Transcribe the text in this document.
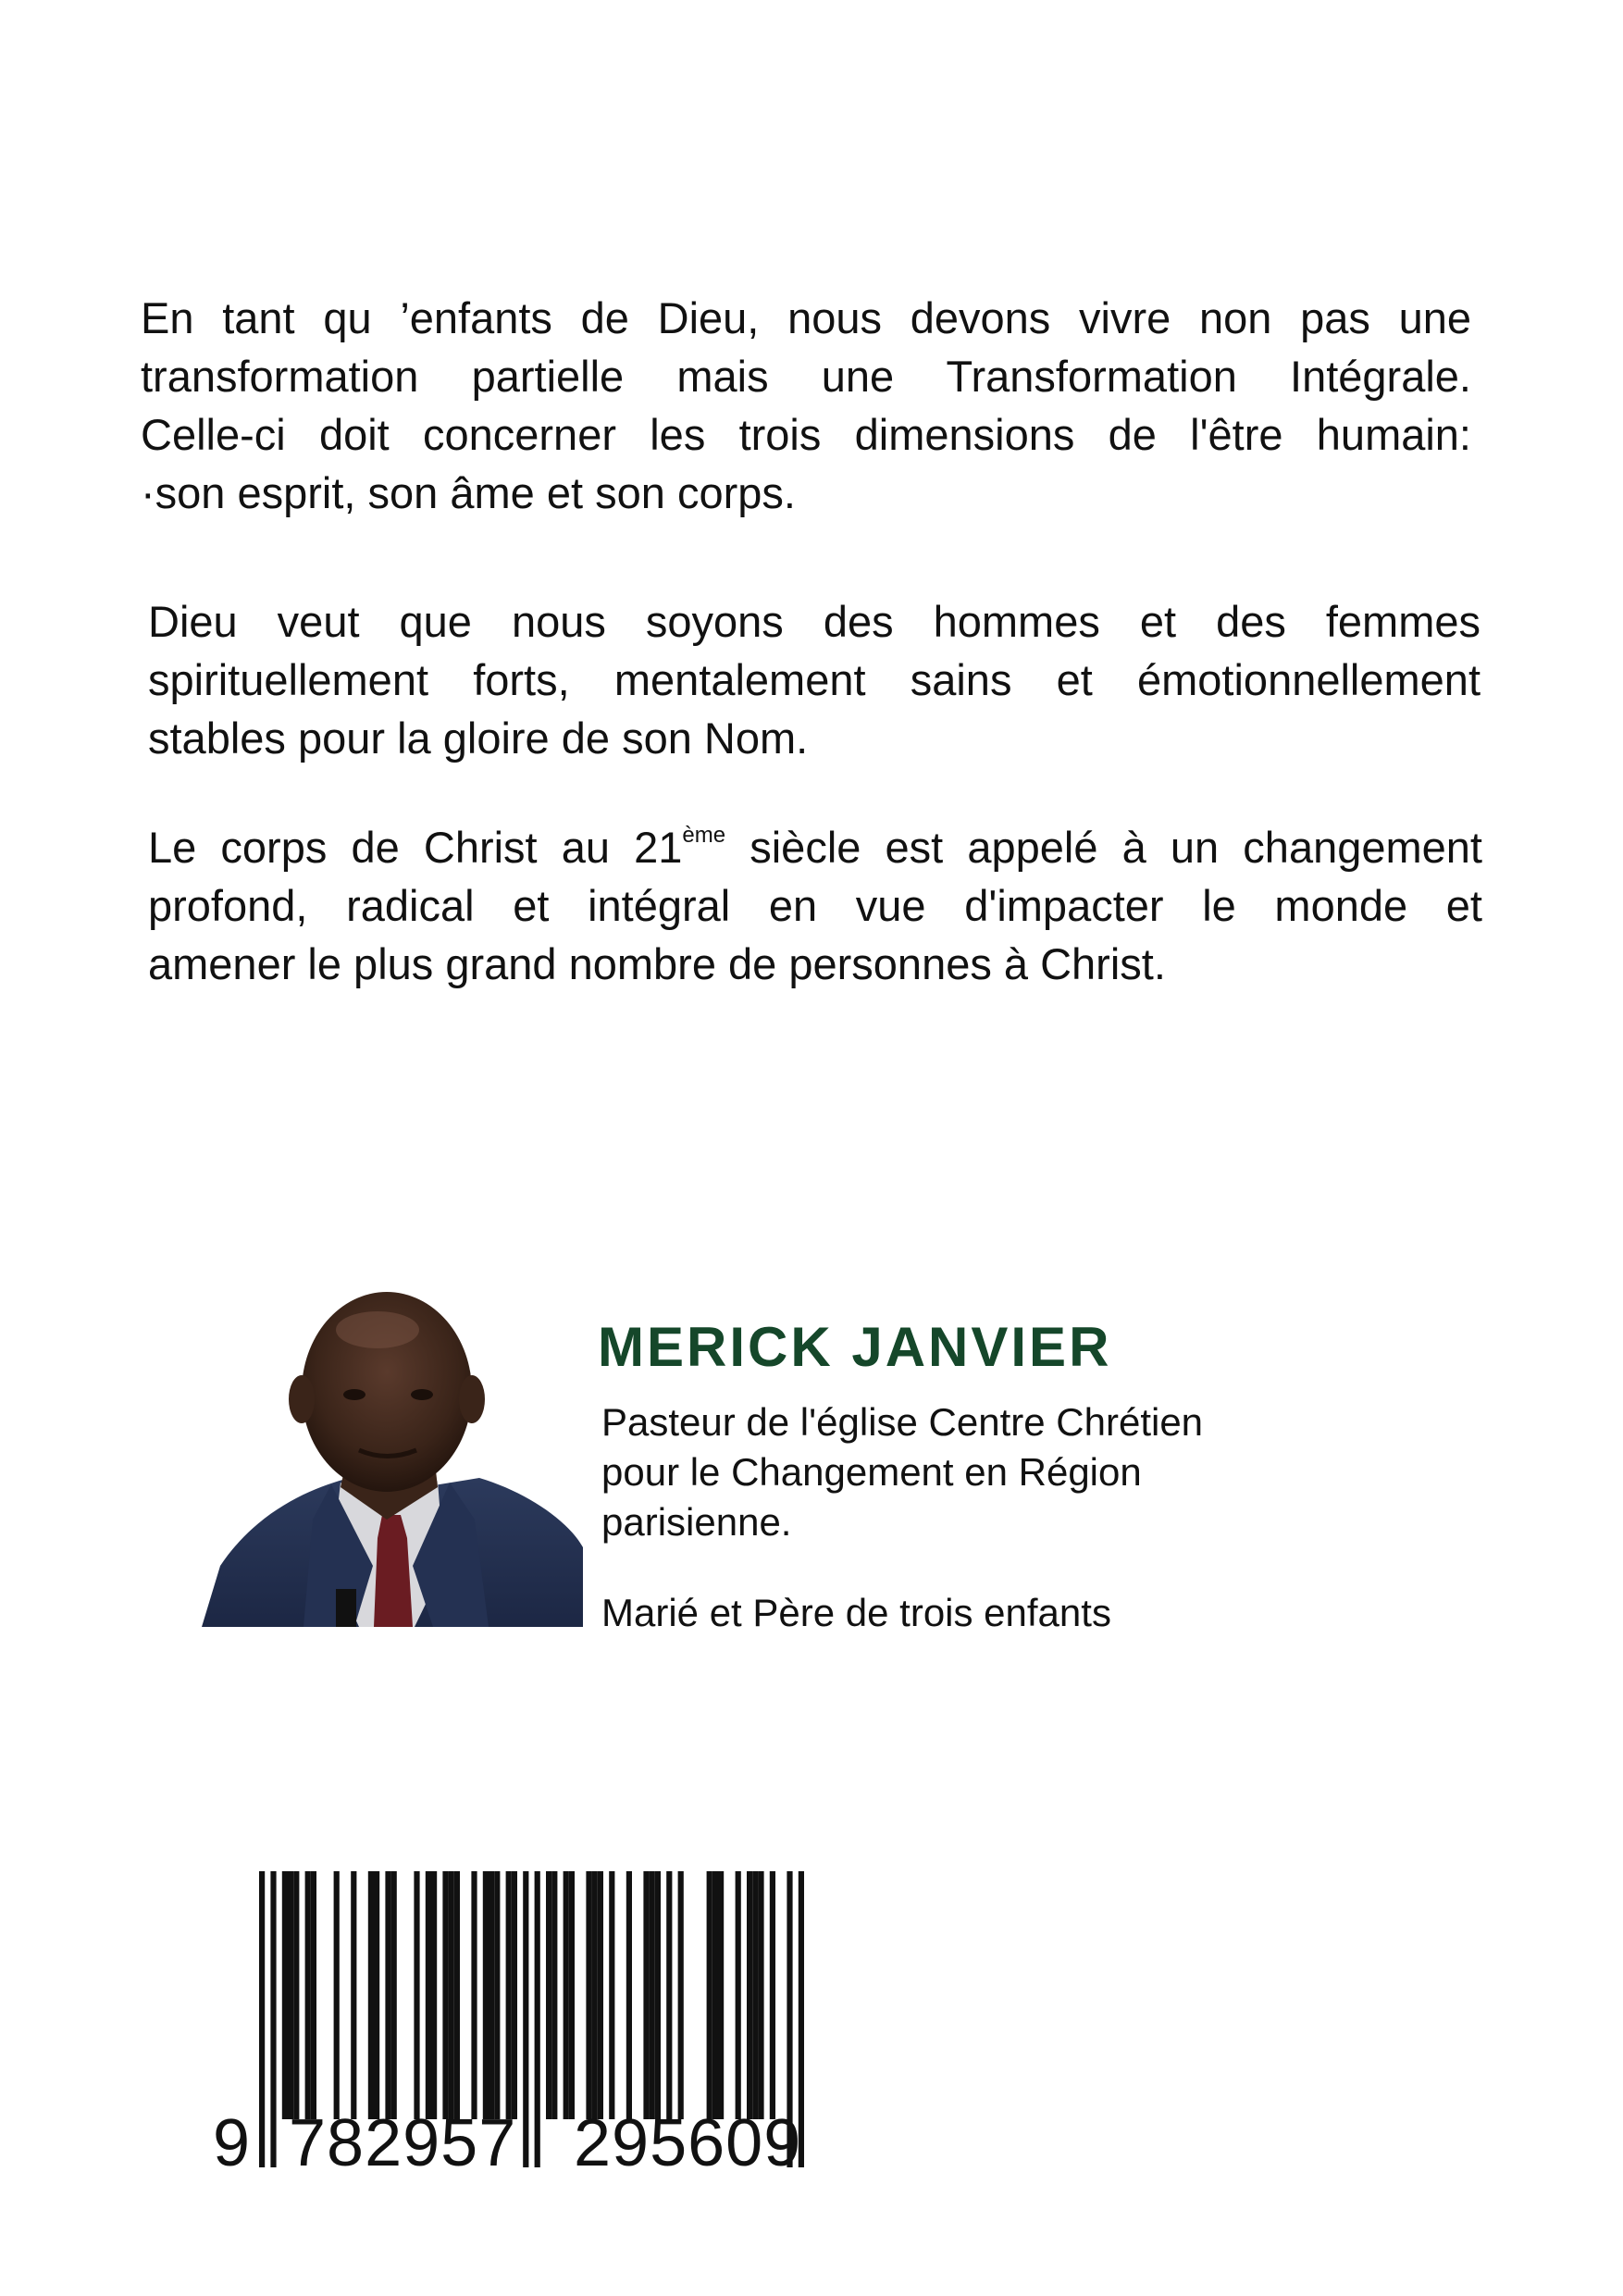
En tant qu ’enfants de Dieu, nous devons vivre non pas une
transformation partielle mais une Transformation Intégrale.
Celle-ci doit concerner les trois dimensions de l'être humain:
·son esprit, son âme et son corps.

Dieu veut que nous soyons des hommes et des femmes
spirituellement forts, mentalement sains et émotionnellement
stables pour la gloire de son Nom.

Le corps de Christ au 21ème siècle est appelé à un changement
profond, radical et intégral en vue d'impacter le monde et
amener le plus grand nombre de personnes à Christ.

MERICK JANVIER

Pasteur de l'église Centre Chrétien
pour le Changement en Région
parisienne.

Marié et Père de trois enfants

9 782957 295609
